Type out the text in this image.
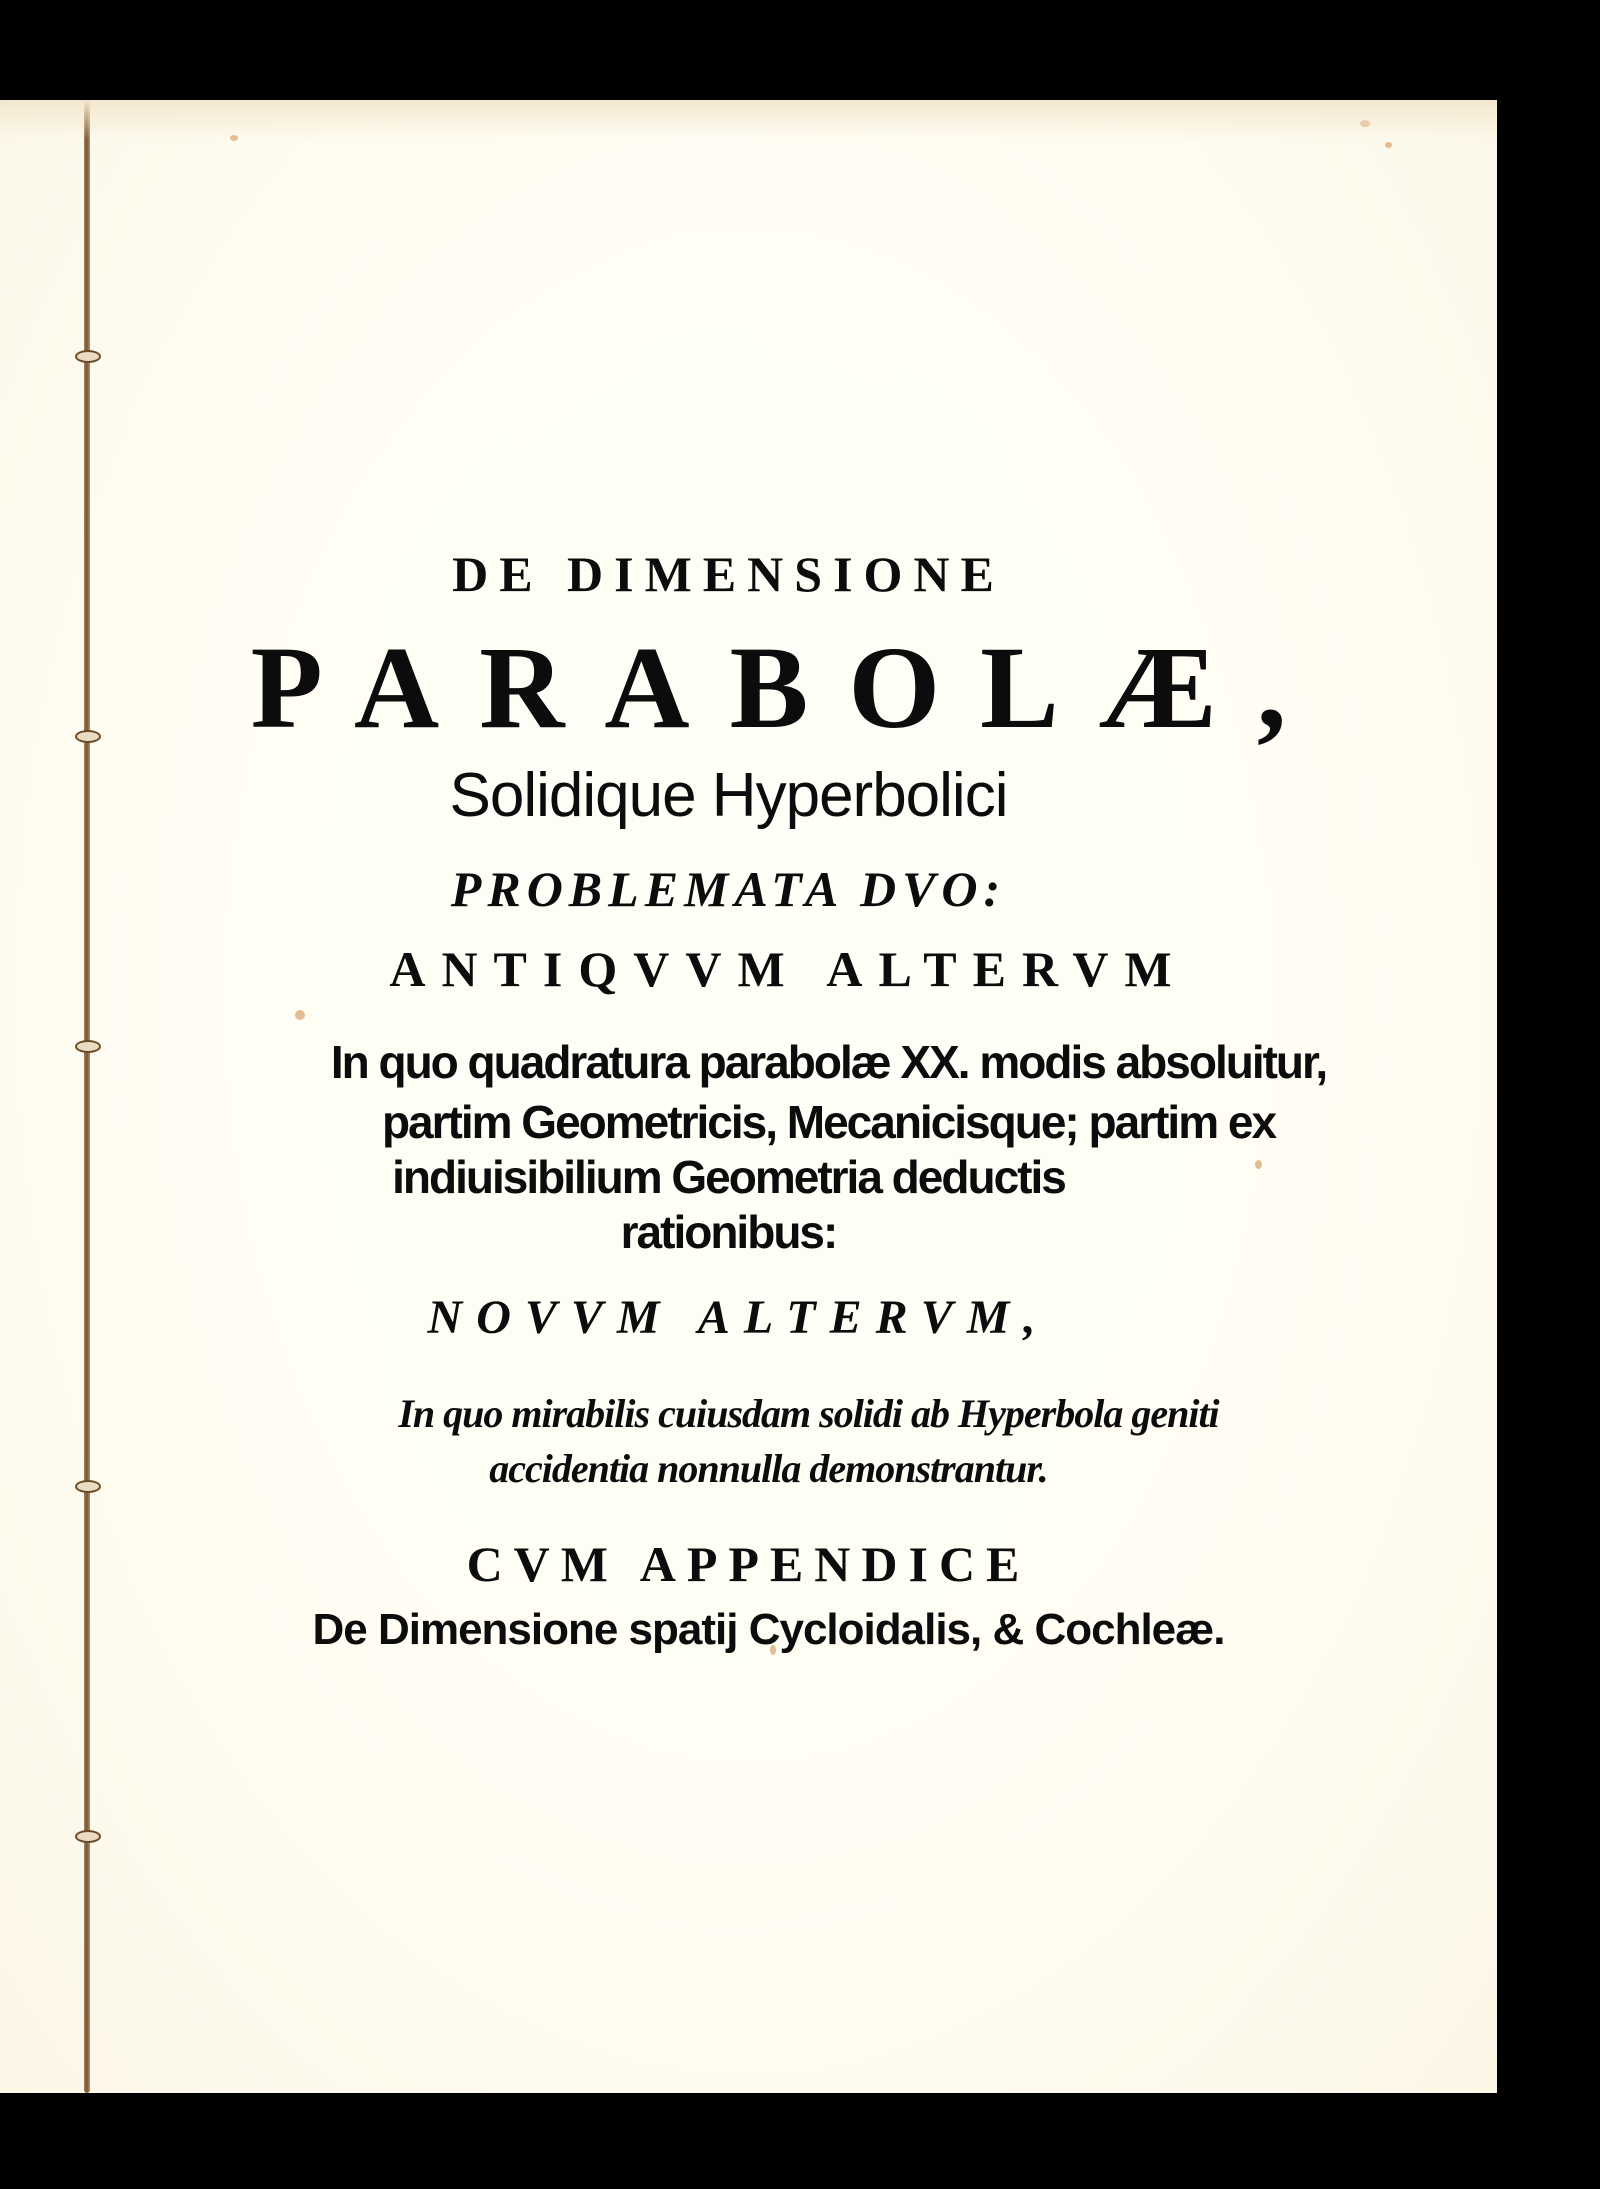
DE DIMENSIONE
PARABOLÆ,
Solidique Hyperbolici
PROBLEMATA DVO:
ANTIQVVM ALTERVM
In quo quadratura parabolæ XX. modis absoluitur,
partim Geometricis, Mecanicisque; partim ex
indiuisibilium Geometria deductis
rationibus:
NOVVM ALTERVM,
In quo mirabilis cuiusdam solidi ab Hyperbola geniti
accidentia nonnulla demonstrantur.
CVM APPENDICE
De Dimensione spatij Cycloidalis, & Cochleæ.
